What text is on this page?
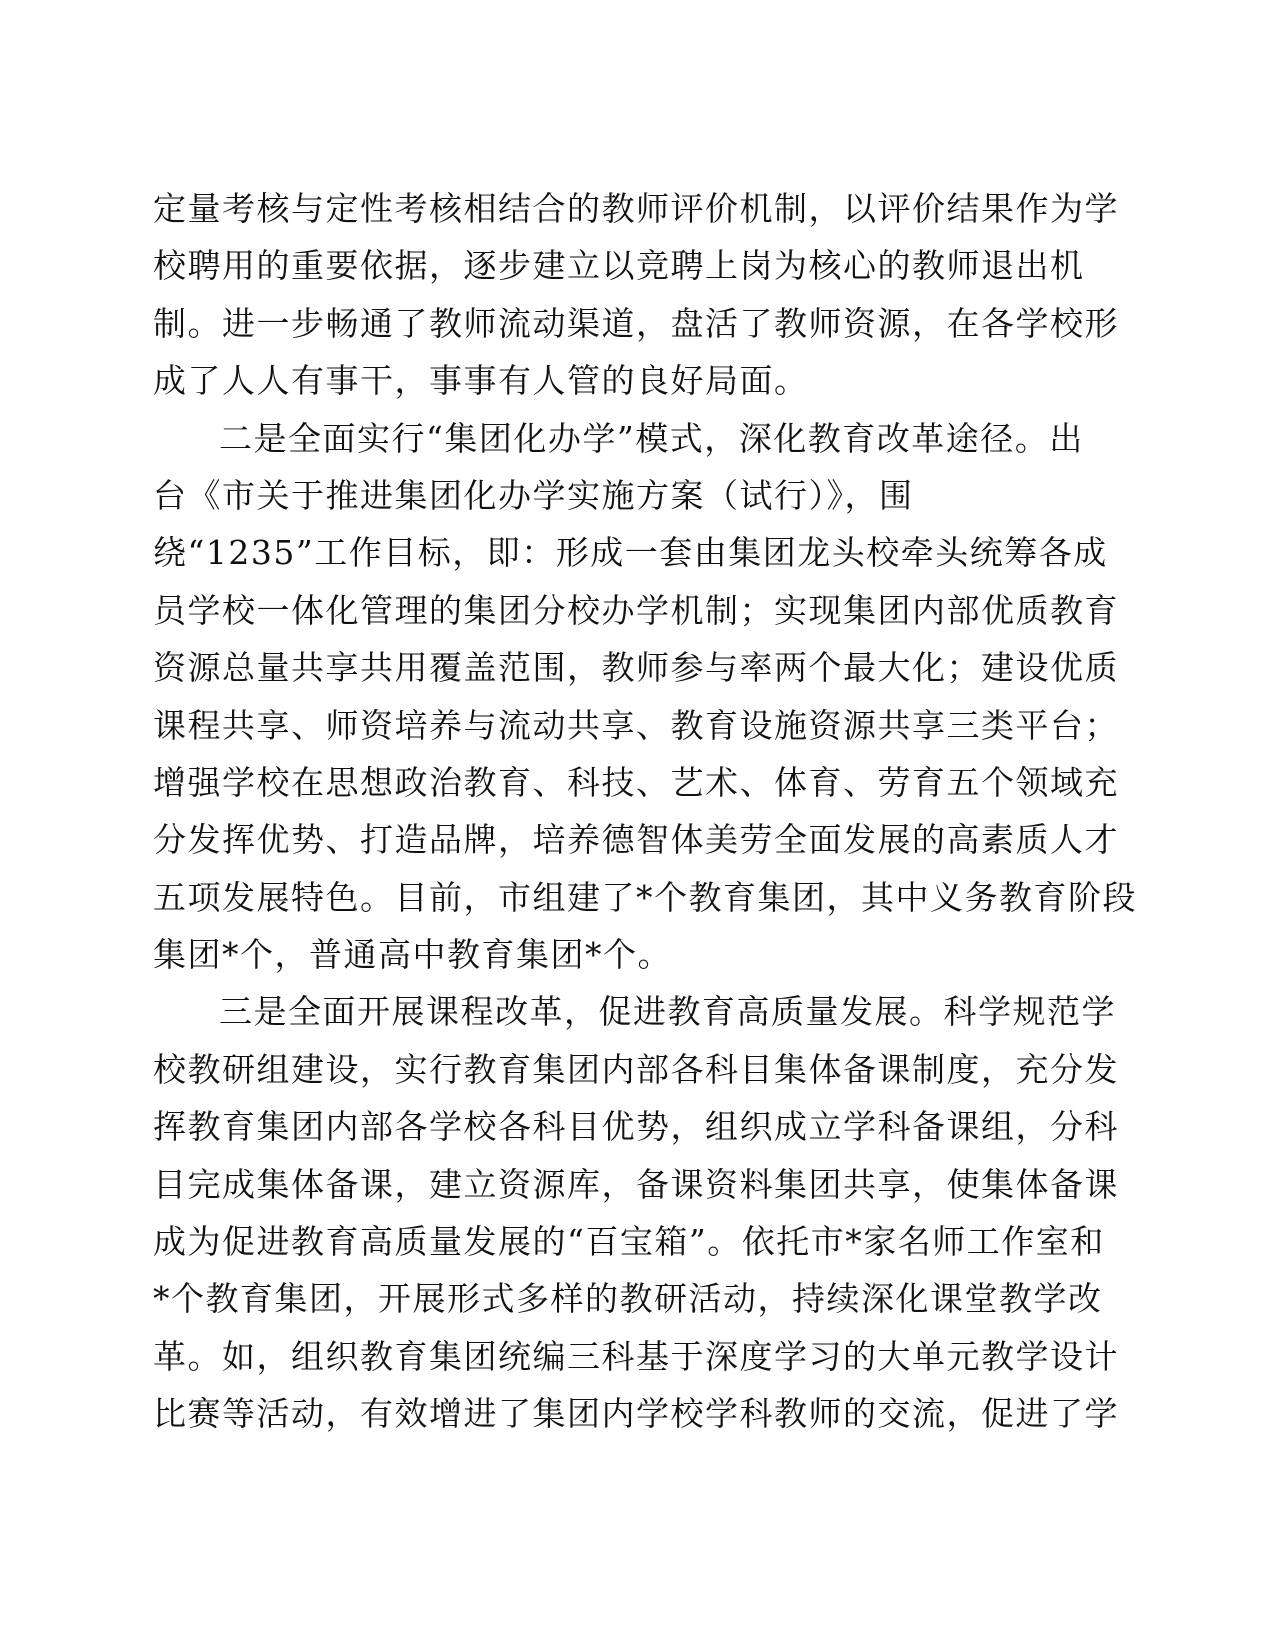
定量考核与定性考核相结合的教师评价机制，以评价结果作为学
校聘用的重要依据，逐步建立以竞聘上岗为核心的教师退出机
制。进一步畅通了教师流动渠道，盘活了教师资源，在各学校形
成了人人有事干，事事有人管的良好局面。
二是全面实行“集团化办学”模式，深化教育改革途径。出
台《市关于推进集团化办学实施方案（试行）》，围
绕“1235”工作目标，即：形成一套由集团龙头校牵头统筹各成
员学校一体化管理的集团分校办学机制；实现集团内部优质教育
资源总量共享共用覆盖范围，教师参与率两个最大化；建设优质
课程共享、师资培养与流动共享、教育设施资源共享三类平台；
增强学校在思想政治教育、科技、艺术、体育、劳育五个领域充
分发挥优势、打造品牌，培养德智体美劳全面发展的高素质人才
五项发展特色。目前，市组建了*个教育集团，其中义务教育阶段
集团*个，普通高中教育集团*个。
三是全面开展课程改革，促进教育高质量发展。科学规范学
校教研组建设，实行教育集团内部各科目集体备课制度，充分发
挥教育集团内部各学校各科目优势，组织成立学科备课组，分科
目完成集体备课，建立资源库，备课资料集团共享，使集体备课
成为促进教育高质量发展的“百宝箱”。依托市*家名师工作室和
*个教育集团，开展形式多样的教研活动，持续深化课堂教学改
革。如，组织教育集团统编三科基于深度学习的大单元教学设计
比赛等活动，有效增进了集团内学校学科教师的交流，促进了学
